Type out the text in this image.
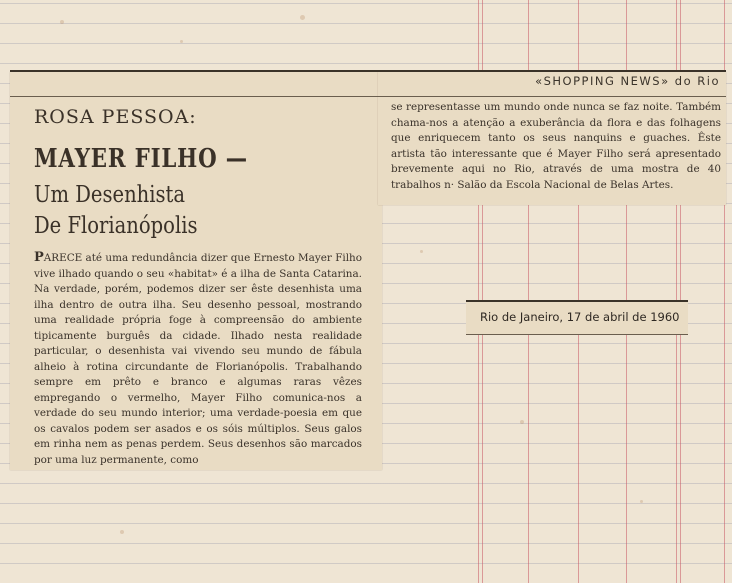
«SHOPPING NEWS» do Rio
ROSA PESSOA:
MAYER FILHO —
Um Desenhista
De Florianópolis
PARECE até uma redundância dizer que Ernesto Mayer Filho vive ilhado quando o seu «habitat» é a ilha de Santa Catarina. Na verdade, porém, podemos dizer ser êste desenhista uma ilha dentro de outra ilha. Seu desenho pessoal, mostrando uma realidade própria foge à compreensão do ambiente tipicamente burguês da cidade. Ilhado nesta realidade particular, o desenhista vai vivendo seu mundo de fábula alheio à rotina circundante de Florianópolis. Trabalhando sempre em prêto e branco e algumas raras vêzes empregando o vermelho, Mayer Filho comunica-nos a verdade do seu mundo interior; uma verdade-poesia em que os cavalos podem ser asados e os sóis múltiplos. Seus galos em rinha nem as penas perdem. Seus desenhos são marcados por uma luz permanente, como
se representasse um mundo onde nunca se faz noite. Também chama-nos a atenção a exuberância da flora e das folhagens que enriquecem tanto os seus nanquins e guaches. Êste artista tão interessante que é Mayer Filho será apresentado brevemente aqui no Rio, através de uma mostra de 40 trabalhos n· Salão da Escola Nacional de Belas Artes.
Rio de Janeiro, 17 de abril de 1960
